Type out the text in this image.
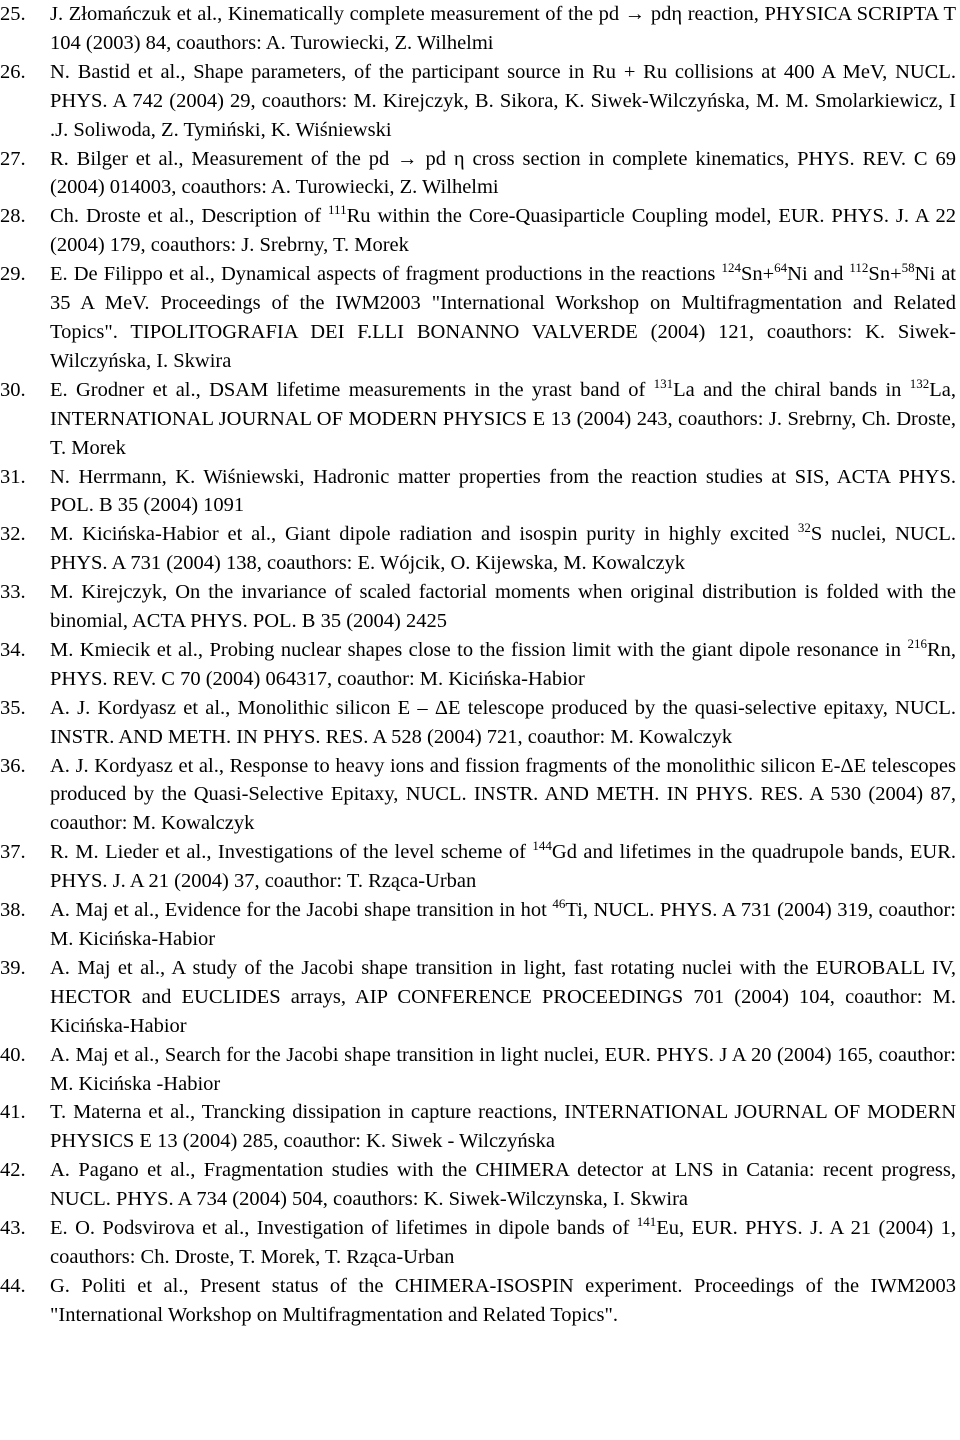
25.	J. Złomańczuk et al., Kinematically complete measurement of the pd → pdη reaction, PHYSICA SCRIPTA T 104 (2003) 84, coauthors: A. Turowiecki, Z. Wilhelmi

26.	N. Bastid et al., Shape parameters, of the participant source in Ru + Ru collisions at 400 A MeV, NUCL. PHYS. A 742 (2004) 29, coauthors: M. Kirejczyk, B. Sikora, K. Siwek-Wilczyńska, M. M. Smolarkiewicz, I .J. Soliwoda, Z. Tymiński, K. Wiśniewski

27.	R. Bilger et al., Measurement of the pd → pd η cross section in complete kinematics, PHYS. REV. C 69 (2004) 014003, coauthors: A. Turowiecki, Z. Wilhelmi

28.	Ch. Droste et al., Description of $^{111}$Ru within the Core-Quasiparticle Coupling model, EUR. PHYS. J. A 22 (2004) 179, coauthors: J. Srebrny, T. Morek

29.	E. De Filippo et al., Dynamical aspects of fragment productions in the reactions $^{124}$Sn+$^{64}$Ni and $^{112}$Sn+$^{58}$Ni at 35 A MeV. Proceedings of the IWM2003 "International Workshop on Multifragmentation and Related Topics". TIPOLITOGRAFIA DEI F.LLI BONANNO VALVERDE (2004) 121, coauthors: K. Siwek-Wilczyńska, I. Skwira

30.	E. Grodner et al., DSAM lifetime measurements in the yrast band of $^{131}$La and the chiral bands in $^{132}$La, INTERNATIONAL JOURNAL OF MODERN PHYSICS E 13 (2004) 243, coauthors: J. Srebrny, Ch. Droste, T. Morek

31.	N. Herrmann, K. Wiśniewski, Hadronic matter properties from the reaction studies at SIS, ACTA PHYS. POL. B 35 (2004) 1091

32.	M. Kicińska-Habior et al., Giant dipole radiation and isospin purity in highly excited $^{32}$S nuclei, NUCL. PHYS. A 731 (2004) 138, coauthors: E. Wójcik, O. Kijewska, M. Kowalczyk

33.	M. Kirejczyk, On the invariance of scaled factorial moments when original distribution is folded with the binomial, ACTA PHYS. POL. B 35 (2004) 2425

34.	M. Kmiecik et al., Probing nuclear shapes close to the fission limit with the giant dipole resonance in $^{216}$Rn, PHYS. REV. C 70 (2004) 064317, coauthor: M. Kicińska-Habior

35.	A. J. Kordyasz et al., Monolithic silicon E – ΔE telescope produced by the quasi-selective epitaxy, NUCL. INSTR. AND METH. IN PHYS. RES. A 528 (2004) 721, coauthor: M. Kowalczyk

36.	A. J. Kordyasz et al., Response to heavy ions and fission fragments of the monolithic silicon E-ΔE telescopes produced by the Quasi-Selective Epitaxy, NUCL. INSTR. AND METH. IN PHYS. RES. A 530 (2004) 87, coauthor: M. Kowalczyk

37.	R. M. Lieder et al., Investigations of the level scheme of $^{144}$Gd and lifetimes in the quadrupole bands, EUR. PHYS. J. A 21 (2004) 37, coauthor: T. Rząca-Urban

38.	A. Maj et al., Evidence for the Jacobi shape transition in hot $^{46}$Ti, NUCL. PHYS. A 731 (2004) 319, coauthor: M. Kicińska-Habior

39.	A. Maj et al., A study of the Jacobi shape transition in light, fast rotating nuclei with the EUROBALL IV, HECTOR and EUCLIDES arrays, AIP CONFERENCE PROCEEDINGS 701 (2004) 104, coauthor: M. Kicińska-Habior

40.	A. Maj et al., Search for the Jacobi shape transition in light nuclei, EUR. PHYS. J A 20 (2004) 165, coauthor: M. Kicińska -Habior

41.	T. Materna et al., Trancking dissipation in capture reactions, INTERNATIONAL JOURNAL OF MODERN PHYSICS E 13 (2004) 285, coauthor: K. Siwek - Wilczyńska

42.	A. Pagano et al., Fragmentation studies with the CHIMERA detector at LNS in Catania: recent progress, NUCL. PHYS. A 734 (2004) 504, coauthors: K. Siwek-Wilczynska, I. Skwira

43.	E. O. Podsvirova et al., Investigation of lifetimes in dipole bands of $^{141}$Eu, EUR. PHYS. J. A 21 (2004) 1, coauthors: Ch. Droste, T. Morek, T. Rząca-Urban

44.	G. Politi et al., Present status of the CHIMERA-ISOSPIN experiment. Proceedings of the IWM2003 "International Workshop on Multifragmentation and Related Topics".
